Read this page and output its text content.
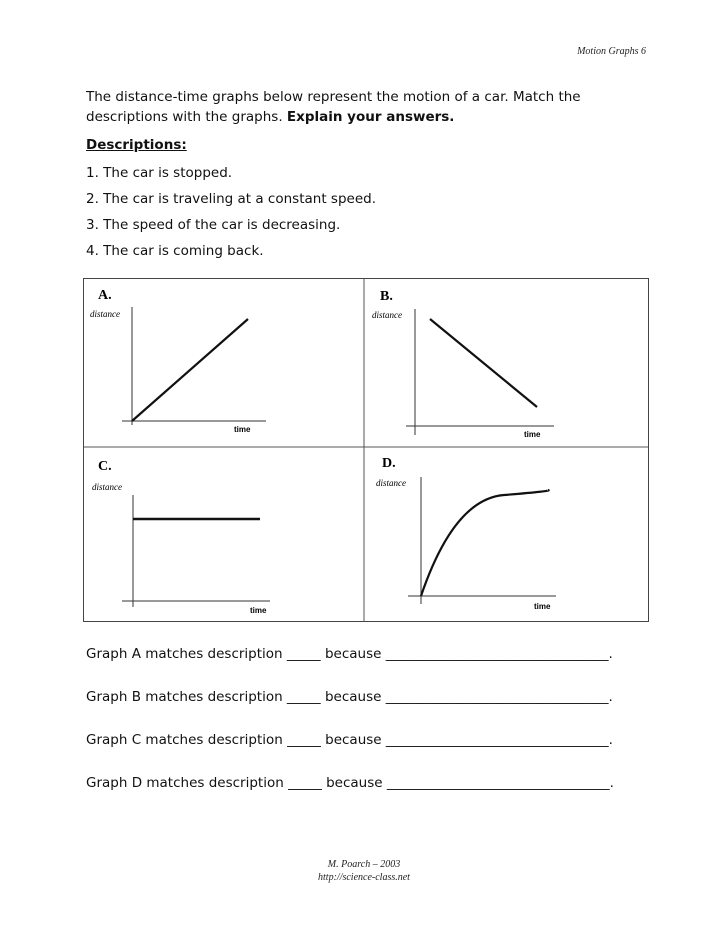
Motion Graphs 6
The distance-time graphs below represent the motion of a car. Match the descriptions with the graphs. Explain your answers.
Descriptions:
1. The car is stopped.
2. The car is traveling at a constant speed.
3. The speed of the car is decreasing.
4. The car is coming back.
A.
distance
time
B.
distance
time
C.
distance
time
D.
distance
time
Graph A matches description _____ because _________________________________.
Graph B matches description _____ because _________________________________.
Graph C matches description _____ because _________________________________.
Graph D matches description _____ because _________________________________.
M. Poarch – 2003
http://science-class.net
